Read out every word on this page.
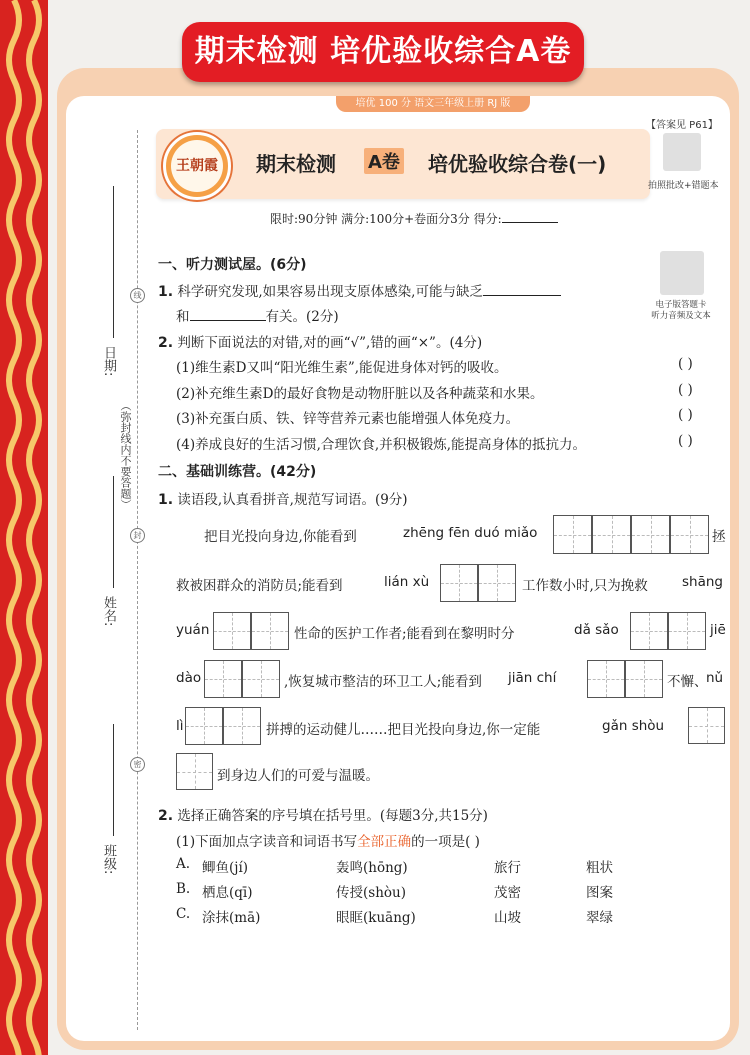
期末检测 培优验收综合A卷
培优 100 分 语文三年级上册 RJ 版
【答案见 P61】
王朝霞 期末检测 A卷 培优验收综合卷(一)
拍照批改+错题本
电子版答题卡
听力音频及文本
限时:90分钟 满分:100分+卷面分3分 得分:
线
封
密
（弥封线内不要答题）
日期:
姓名:
班级:
一、听力测试屋。(6分)
1. 科学研究发现,如果容易出现支原体感染,可能与缺乏
和	有关。(2分)
2. 判断下面说法的对错,对的画“√”,错的画“×”。(4分)
(1)维生素D又叫“阳光维生素”,能促进身体对钙的吸收。	( )
(2)补充维生素D的最好食物是动物肝脏以及各种蔬菜和水果。	( )
(3)补充蛋白质、铁、锌等营养元素也能增强人体免疫力。	( )
(4)养成良好的生活习惯,合理饮食,并积极锻炼,能提高身体的抵抗力。	( )
二、基础训练营。(42分)
1. 读语段,认真看拼音,规范写词语。(9分)
把目光投向身边,你能看到	zhēng fēn duó miǎo	拯
救被困群众的消防员;能看到	lián xù	工作数小时,只为挽救	shāng
yuán	性命的医护工作者;能看到在黎明时分	dǎ sǎo	jiē
dào	,恢复城市整洁的环卫工人;能看到 jiān chí	不懈、
nǔ
lì	拼搏的运动健儿……把目光投向身边,你一定能	gǎn shòu
到身边人们的可爱与温暖。
2. 选择正确答案的序号填在括号里。(每题3分,共15分)
(1)下面加点字读音和词语书写全部正确的一项是( )
A. 鲫鱼(jí)	轰鸣(hōng)	旅行	粗状
B. 栖息(qī)	传授(shòu)	茂密	图案
C. 涂抹(mā)	眼眶(kuāng)	山坡	翠绿
